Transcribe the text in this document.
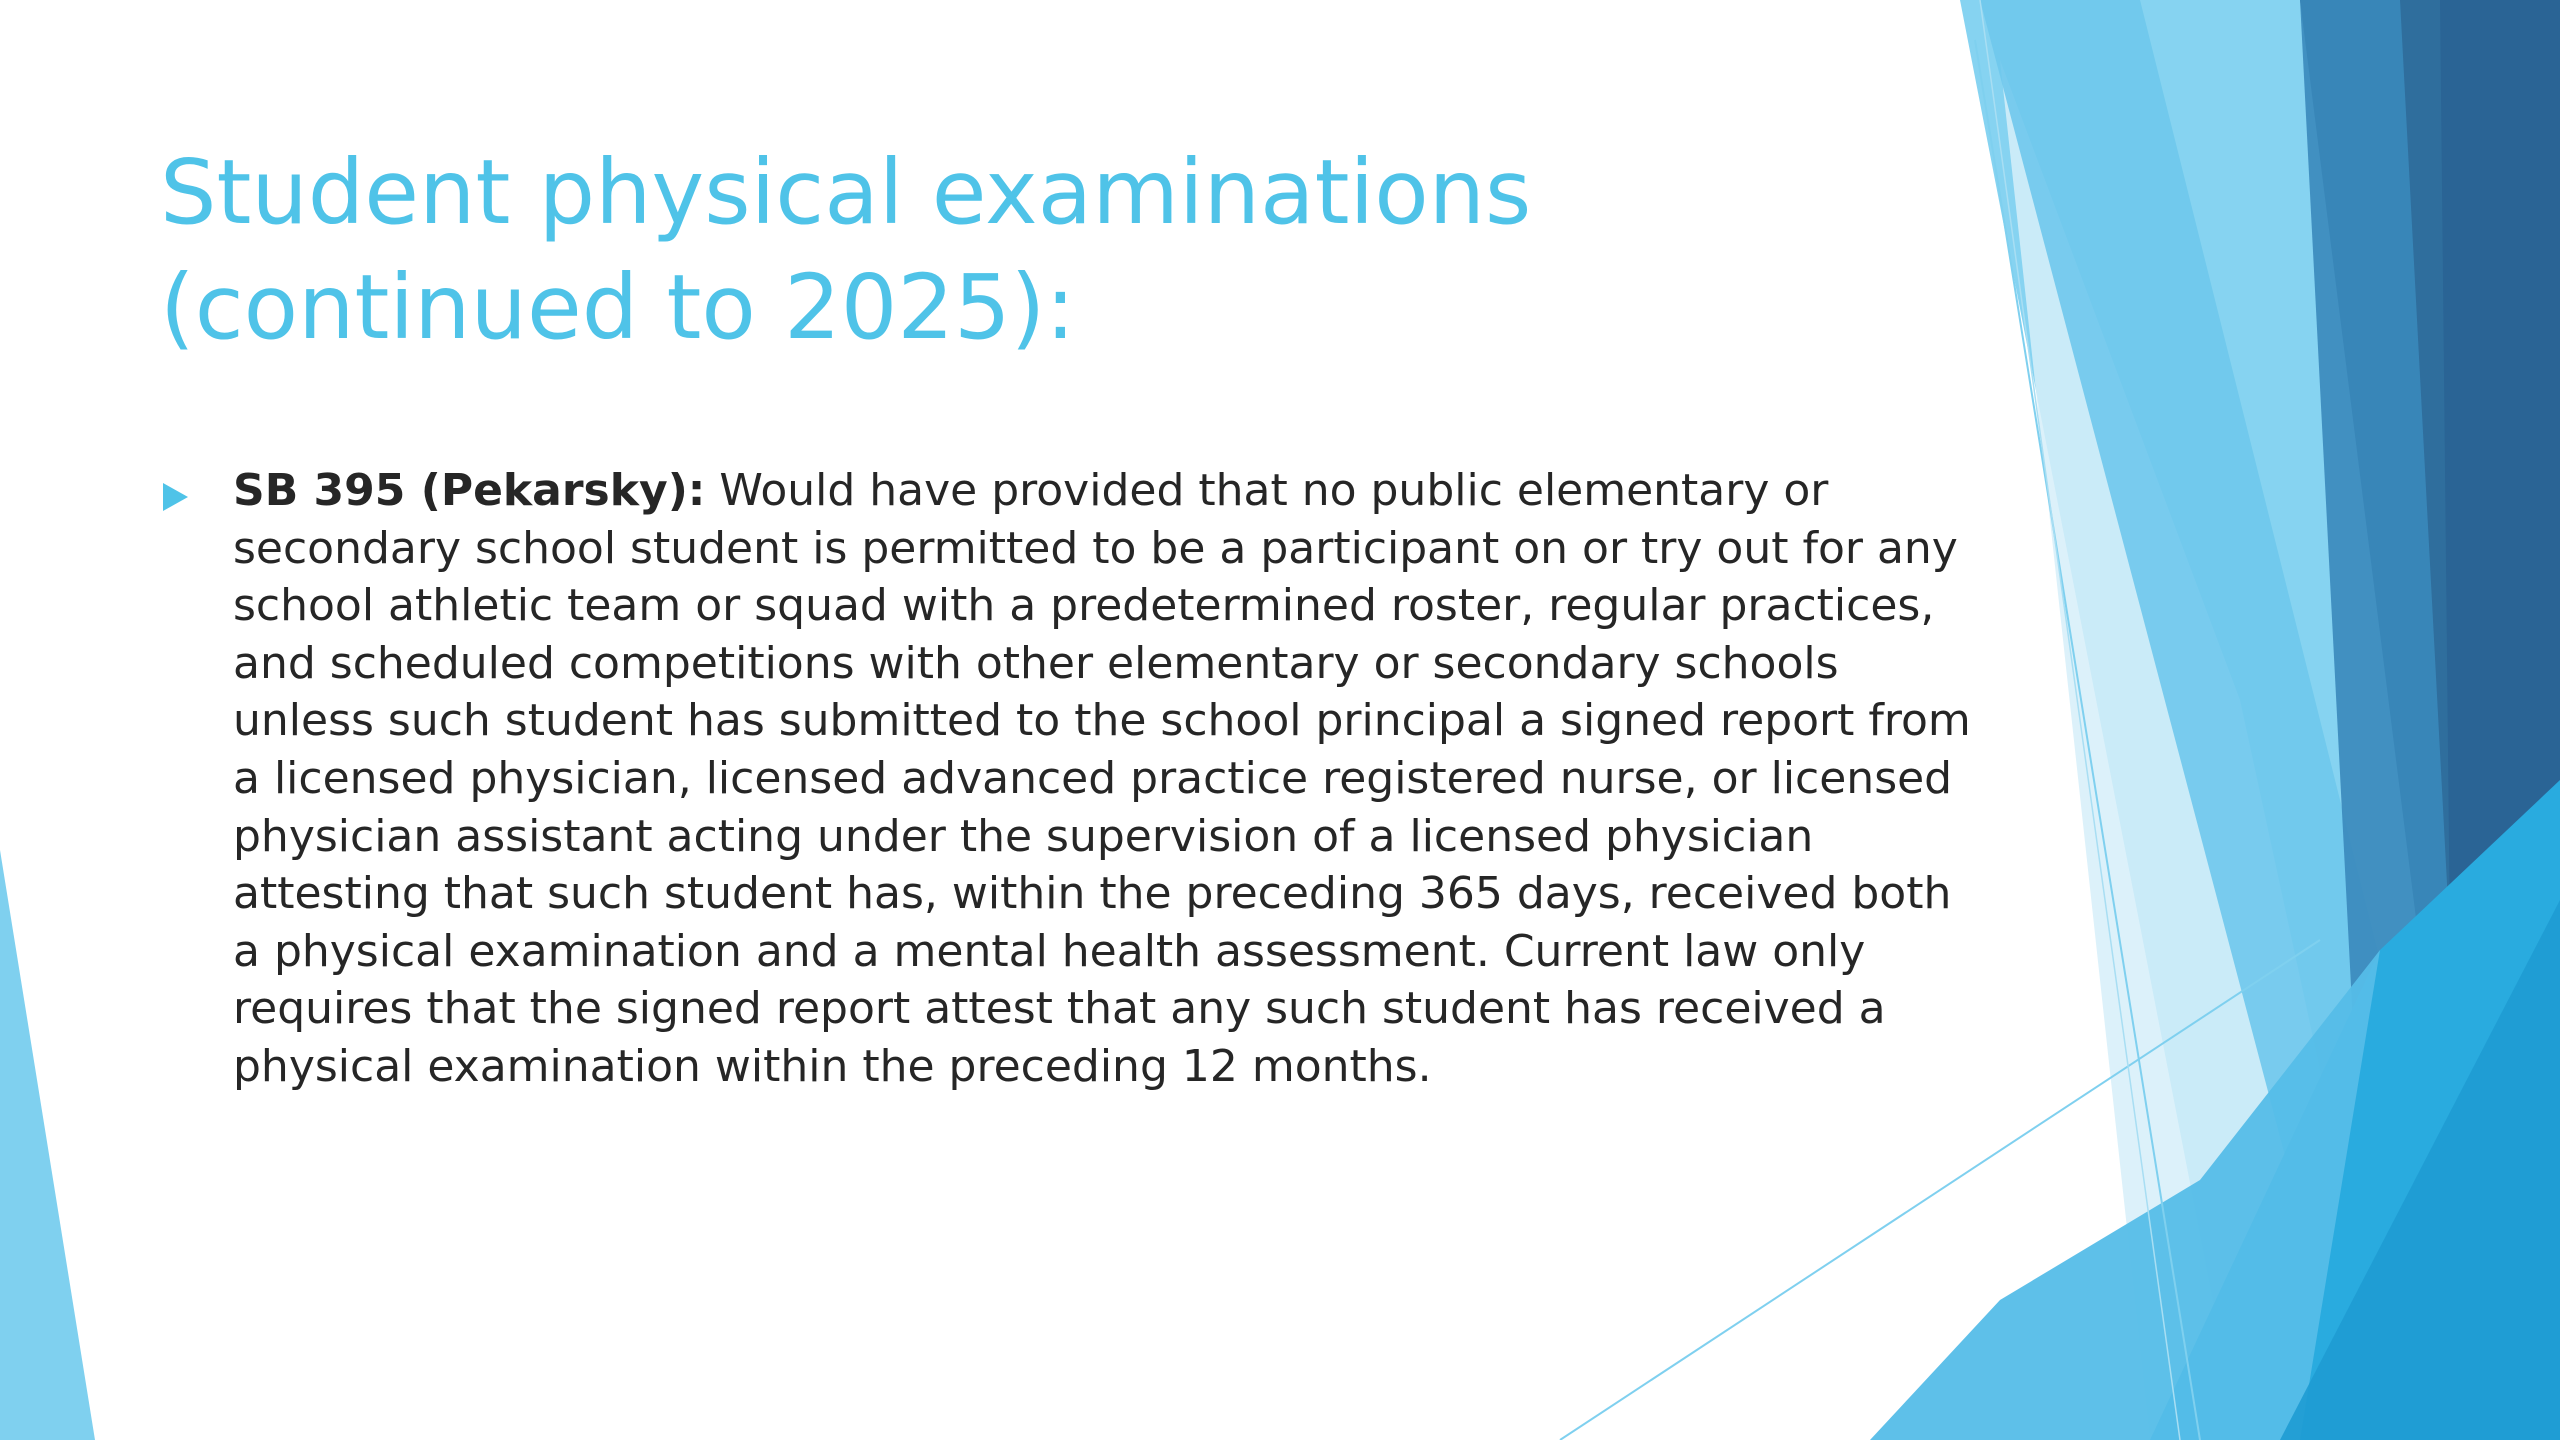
Student physical examinations
(continued to 2025):
SB 395 (Pekarsky): Would have provided that no public elementary or
secondary school student is permitted to be a participant on or try out for any
school athletic team or squad with a predetermined roster, regular practices,
and scheduled competitions with other elementary or secondary schools
unless such student has submitted to the school principal a signed report from
a licensed physician, licensed advanced practice registered nurse, or licensed
physician assistant acting under the supervision of a licensed physician
attesting that such student has, within the preceding 365 days, received both
a physical examination and a mental health assessment. Current law only
requires that the signed report attest that any such student has received a
physical examination within the preceding 12 months.
